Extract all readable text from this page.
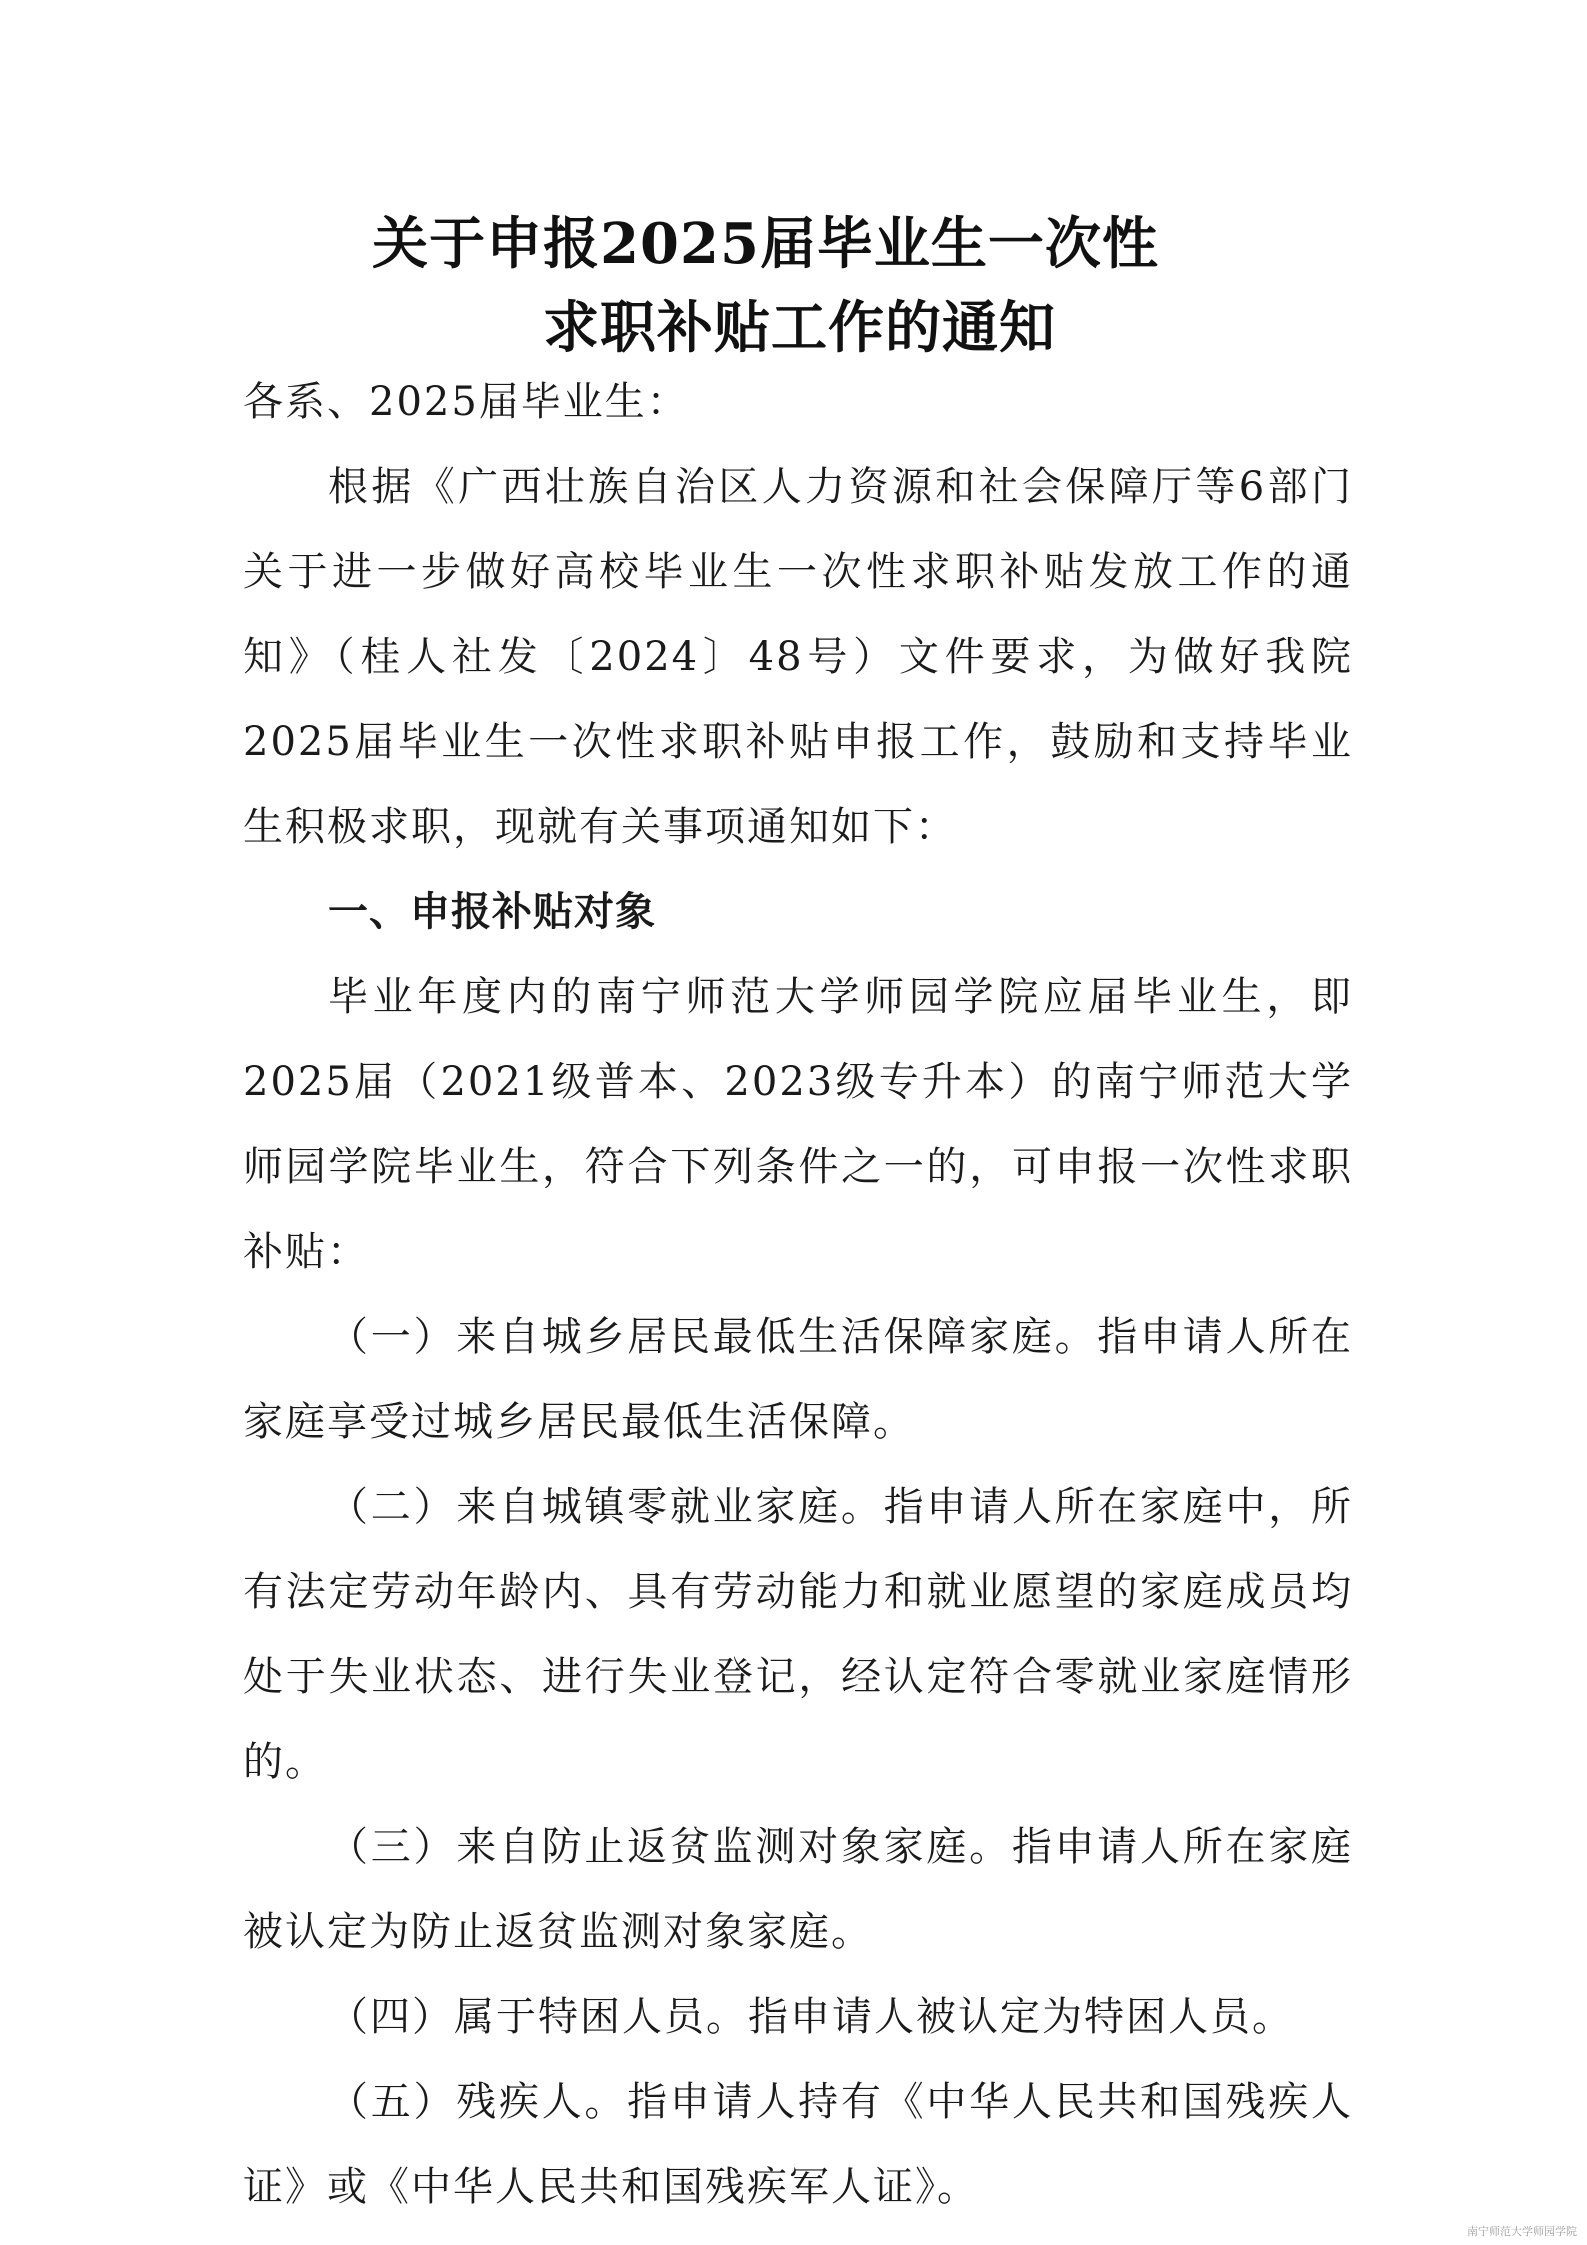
关于申报2025届毕业生一次性
求职补贴工作的通知

各系、2025届毕业生：

根据《广西壮族自治区人力资源和社会保障厅等6部门关于进一步做好高校毕业生一次性求职补贴发放工作的通知》（桂人社发〔2024〕48号）文件要求，为做好我院2025届毕业生一次性求职补贴申报工作，鼓励和支持毕业生积极求职，现就有关事项通知如下：

一、申报补贴对象

毕业年度内的南宁师范大学师园学院应届毕业生，即2025届（2021级普本、2023级专升本）的南宁师范大学师园学院毕业生，符合下列条件之一的，可申报一次性求职补贴：

（一）来自城乡居民最低生活保障家庭。指申请人所在家庭享受过城乡居民最低生活保障。

（二）来自城镇零就业家庭。指申请人所在家庭中，所有法定劳动年龄内、具有劳动能力和就业愿望的家庭成员均处于失业状态、进行失业登记，经认定符合零就业家庭情形的。

（三）来自防止返贫监测对象家庭。指申请人所在家庭被认定为防止返贫监测对象家庭。

（四）属于特困人员。指申请人被认定为特困人员。

（五）残疾人。指申请人持有《中华人民共和国残疾人证》或《中华人民共和国残疾军人证》。

南宁师范大学师园学院
